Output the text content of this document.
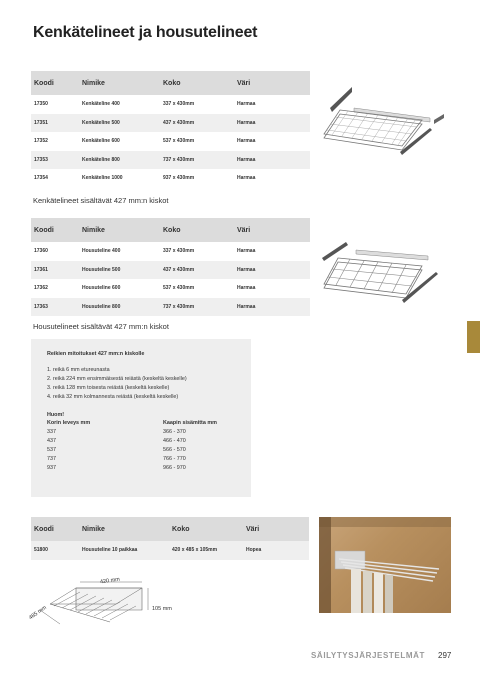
Kenkätelineet ja housutelineet
Koodi	Nimike	Koko	Väri
17350	Kenkäteline 400	337 x 430mm	Harmaa
17351	Kenkäteline 500	437 x 430mm	Harmaa
17352	Kenkäteline 600	537 x 430mm	Harmaa
17353	Kenkäteline 800	737 x 430mm	Harmaa
17354	Kenkäteline 1000	937 x 430mm	Harmaa
Kenkätelineet sisältävät 427 mm:n kiskot
Koodi	Nimike	Koko	Väri
17360	Housuteline 400	337 x 430mm	Harmaa
17361	Housuteline 500	437 x 430mm	Harmaa
17362	Housuteline 600	537 x 430mm	Harmaa
17363	Housuteline 800	737 x 430mm	Harmaa
Housutelineet sisältävät 427 mm:n kiskot
Reikien mitoitukset 427 mm:n kiskolle
1. reikä 6 mm etureunasta
2. reikä 224 mm ensimmäisestä reiästä (keskeltä keskelle)
3. reikä 128 mm toisesta reiästä (keskeltä keskelle)
4. reikä 32 mm kolmannesta reiästä (keskeltä keskelle)
Huom!
Korin leveys mm	Kaapin sisämitta mm
337	366 - 370
437	466 - 470
537	566 - 570
737	766 - 770
937	966 - 970
Koodi	Nimike	Koko	Väri
51800	Housuteline 10 paikkaa	420 x 485 x 105mm	Hopea
420 mm
105 mm
485 mm
SÄILYTYSJÄRJESTELMÄT 297
